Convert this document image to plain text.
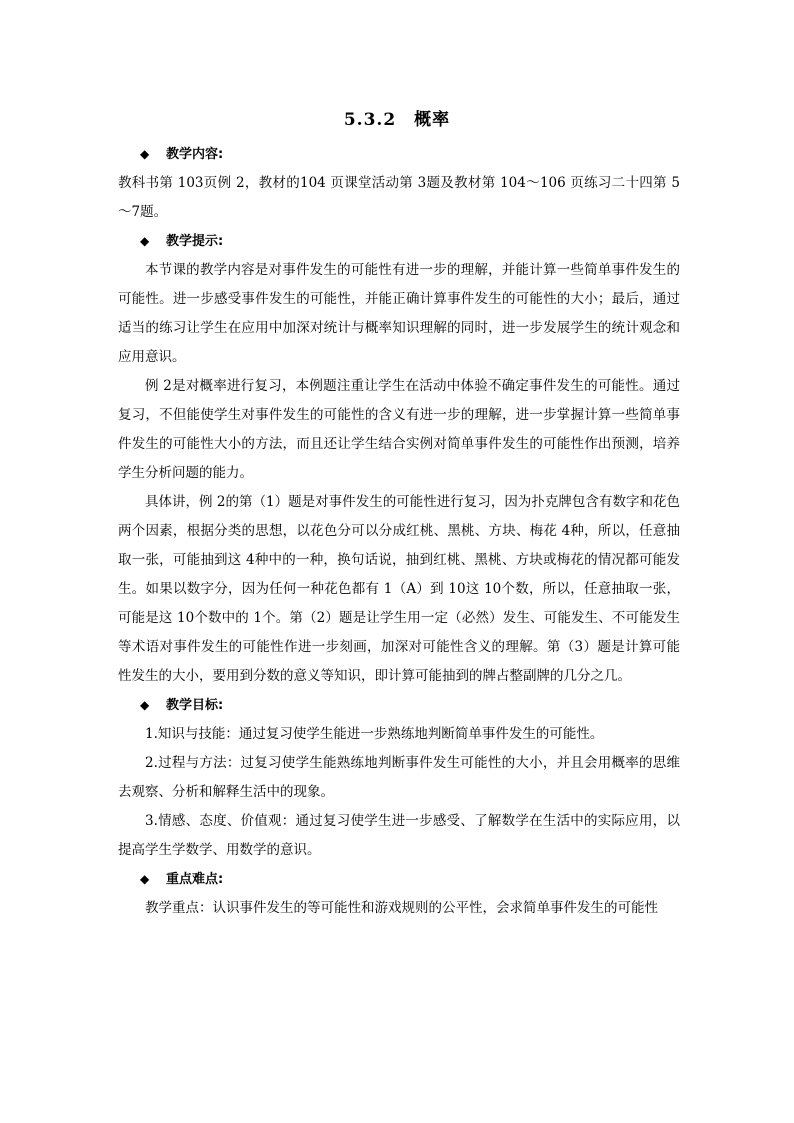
5.3.2　概率
◆ 教学内容:

教科书第 103页例 2，教材的104 页课堂活动第 3题及教材第 104～106 页练习二十四第 5～7题。

◆ 教学提示:

本节课的教学内容是对事件发生的可能性有进一步的理解，并能计算一些简单事件发生的可能性。进一步感受事件发生的可能性，并能正确计算事件发生的可能性的大小；最后，通过适当的练习让学生在应用中加深对统计与概率知识理解的同时，进一步发展学生的统计观念和应用意识。

例 2是对概率进行复习，本例题注重让学生在活动中体验不确定事件发生的可能性。通过复习，不但能使学生对事件发生的可能性的含义有进一步的理解，进一步掌握计算一些简单事件发生的可能性大小的方法，而且还让学生结合实例对简单事件发生的可能性作出预测，培养学生分析问题的能力。

具体讲，例 2的第（1）题是对事件发生的可能性进行复习，因为扑克牌包含有数字和花色两个因素，根据分类的思想，以花色分可以分成红桃、黑桃、方块、梅花 4种，所以，任意抽取一张，可能抽到这 4种中的一种，换句话说，抽到红桃、黑桃、方块或梅花的情况都可能发生。如果以数字分，因为任何一种花色都有 1（A）到 10这 10个数，所以，任意抽取一张，可能是这 10个数中的 1个。第（2）题是让学生用一定（必然）发生、可能发生、不可能发生等术语对事件发生的可能性作进一步刻画，加深对可能性含义的理解。第（3）题是计算可能性发生的大小，要用到分数的意义等知识，即计算可能抽到的牌占整副牌的几分之几。

◆ 教学目标:

1.知识与技能：通过复习使学生能进一步熟练地判断简单事件发生的可能性。

2.过程与方法：过复习使学生能熟练地判断事件发生可能性的大小，并且会用概率的思维去观察、分析和解释生活中的现象。

3.情感、态度、价值观：通过复习使学生进一步感受、了解数学在生活中的实际应用，以提高学生学数学、用数学的意识。

◆ 重点难点:

教学重点：认识事件发生的等可能性和游戏规则的公平性，会求简单事件发生的可能性
